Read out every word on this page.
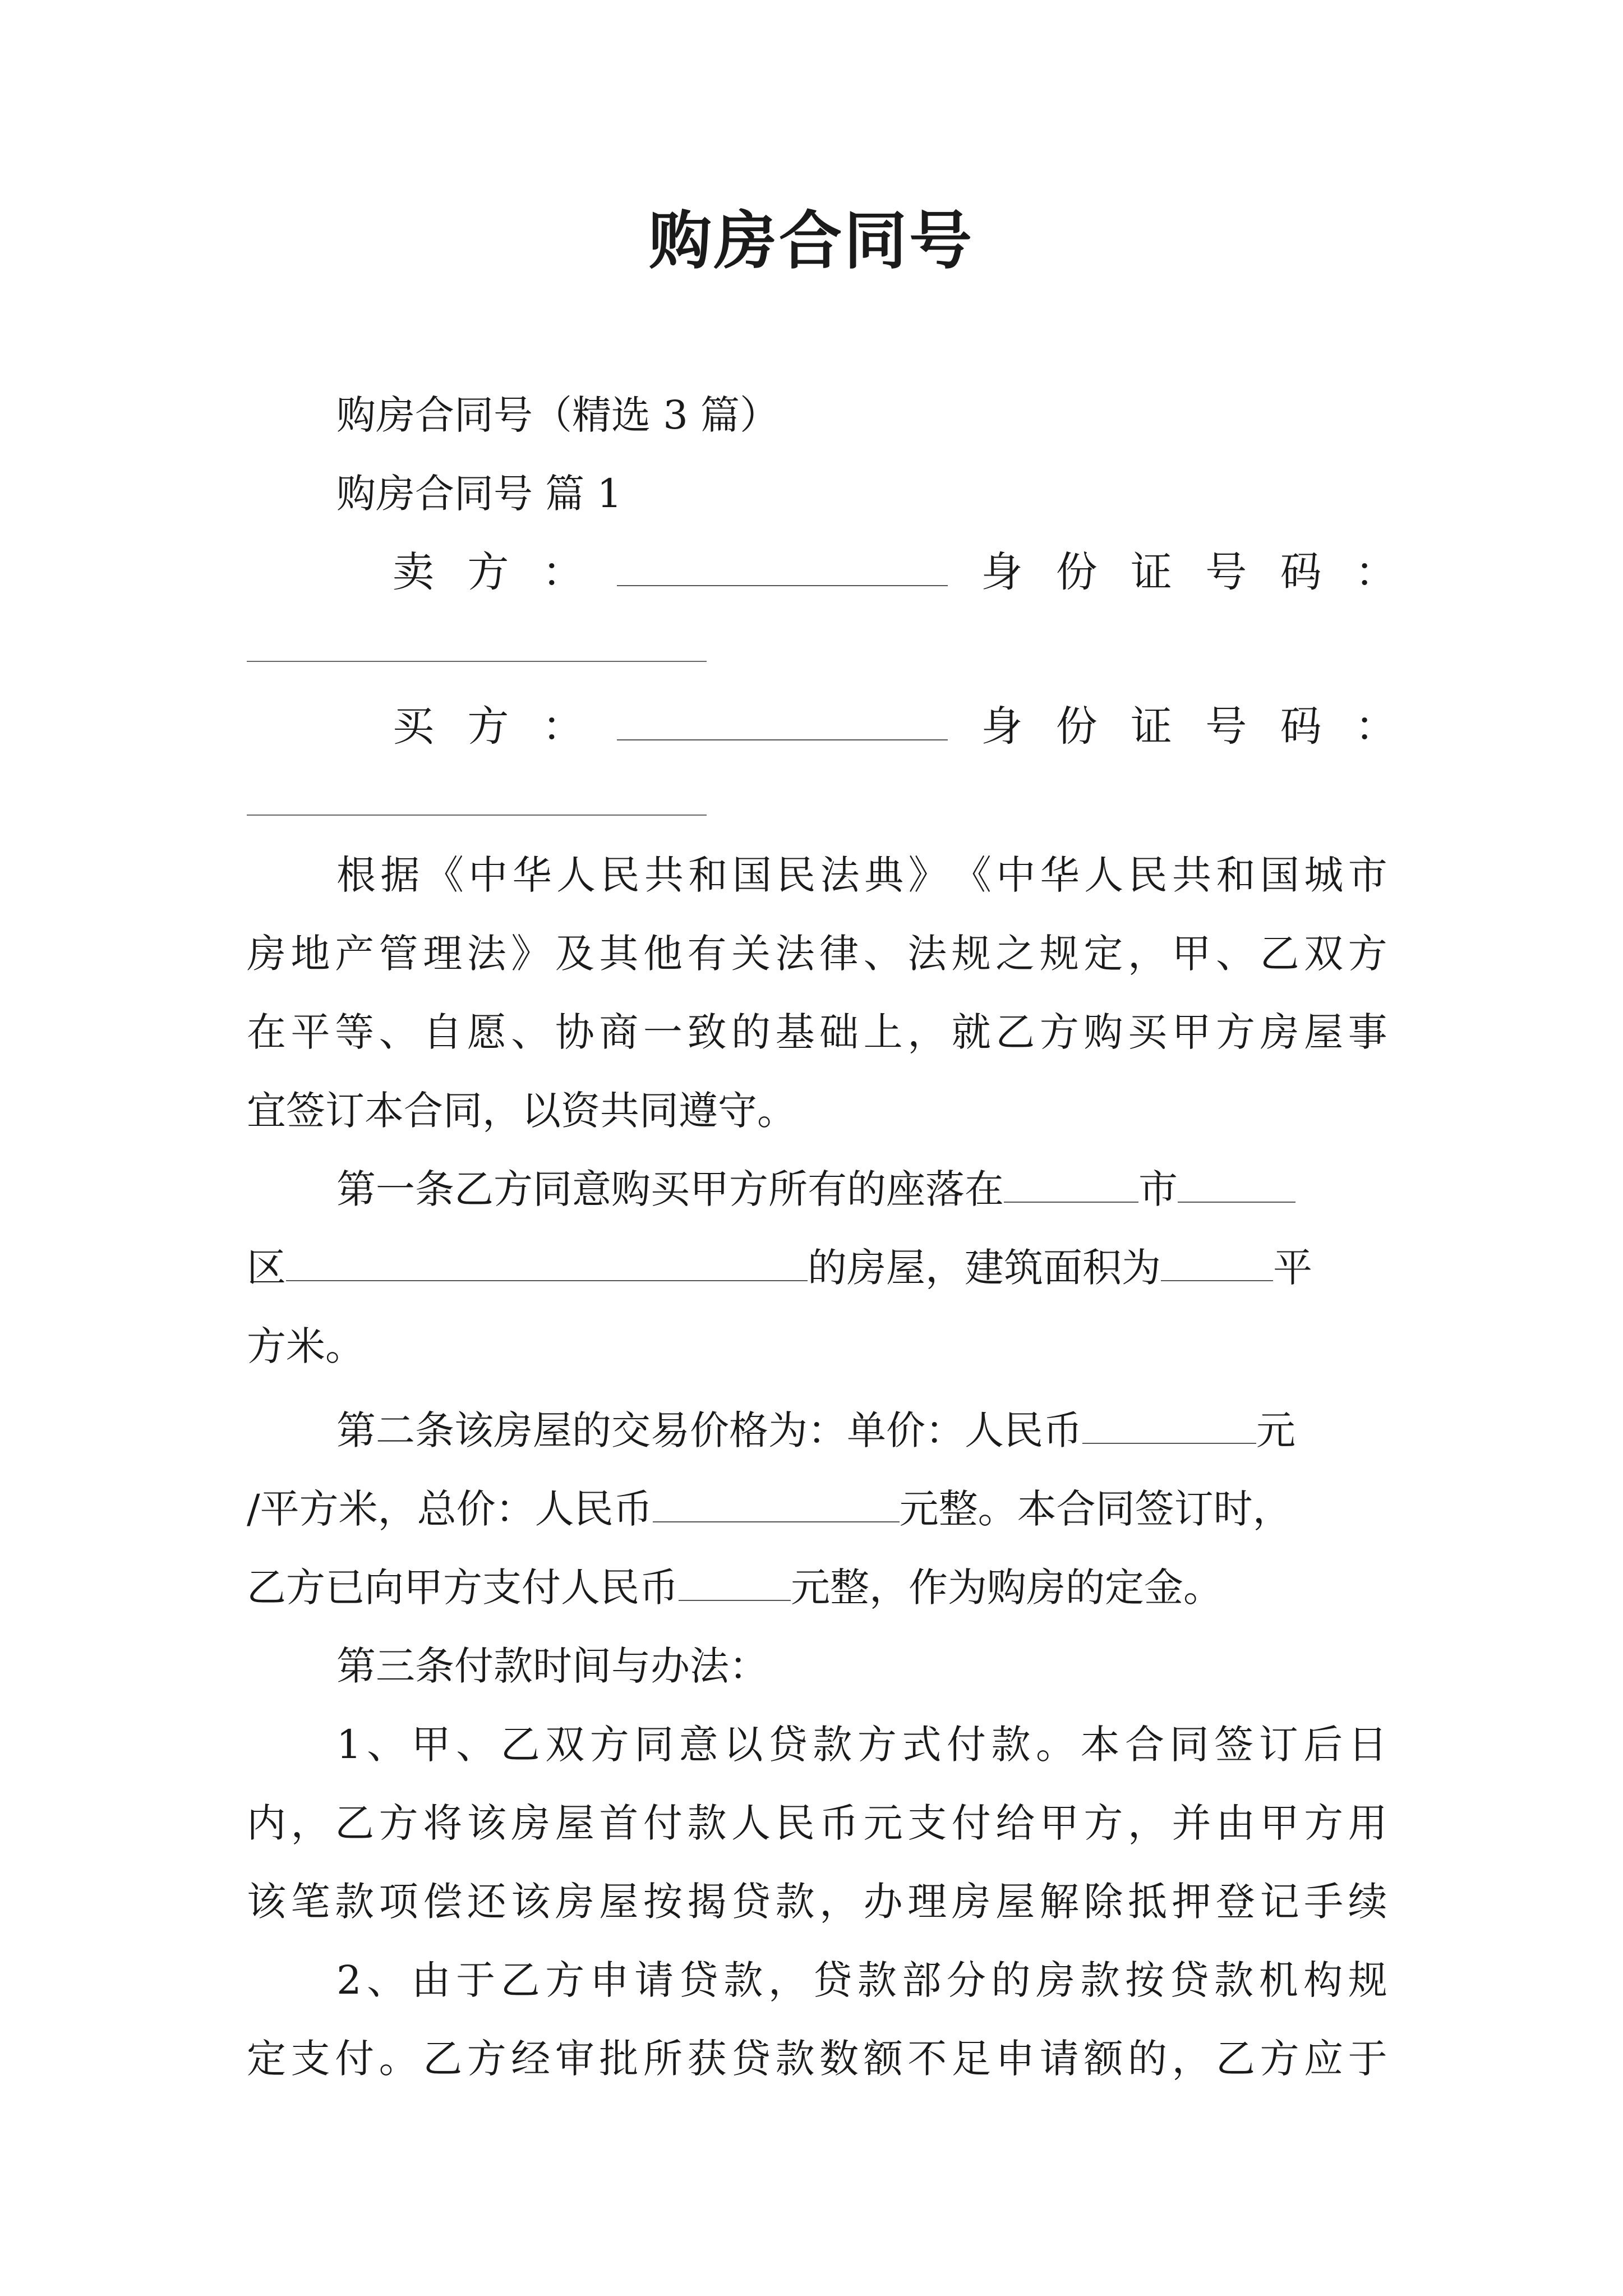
购房合同号

购房合同号（精选 3 篇）

购房合同号 篇 1

卖 方 ：	身 份 证 号 码 ：
买 方 ：	身 份 证 号 码 ：
根 据 《 中 华 人 民 共 和 国 民 法 典 》 《 中 华 人 民 共 和 国 城 市
房 地 产 管 理 法 》 及 其 他 有 关 法 律 、 法 规 之 规 定 ， 甲 、 乙 双 方
在 平 等 、 自 愿 、 协 商 一 致 的 基 础 上 ， 就 乙 方 购 买 甲 方 房 屋 事

宜签订本合同，以资共同遵守。

第一条乙方同意购买甲方所有的座落在	市

区	的房屋，建筑面积为	平

方米。

第二条该房屋的交易价格为：单价：人民币	元

/平方米，总价：人民币	元整。本合同签订时，

乙方已向甲方支付人民币	元整，作为购房的定金。

第三条付款时间与办法：

1 、 甲 、 乙 双 方 同 意 以 贷 款 方 式 付 款 。 本 合 同 签 订 后 日
内 ， 乙 方 将 该 房 屋 首 付 款 人 民 币 元 支 付 给 甲 方 ， 并 由 甲 方 用
该 笔 款 项 偿 还 该 房 屋 按 揭 贷 款 ， 办 理 房 屋 解 除 抵 押 登 记 手 续
2 、 由 于 乙 方 申 请 贷 款 ， 贷 款 部 分 的 房 款 按 贷 款 机 构 规
定 支 付 。 乙 方 经 审 批 所 获 贷 款 数 额 不 足 申 请 额 的 ， 乙 方 应 于
